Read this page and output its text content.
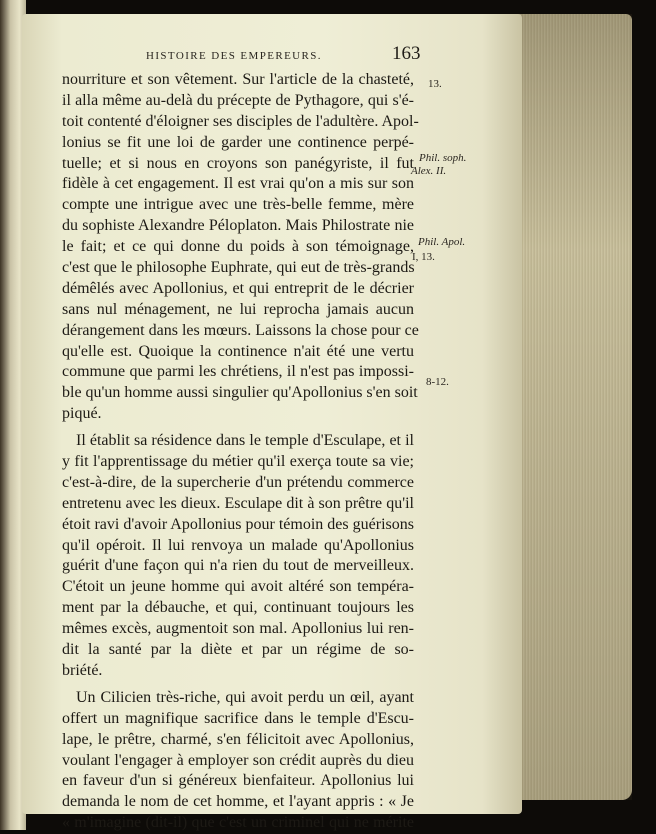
HISTOIRE DES EMPEREURS.	163
nourriture et son vêtement. Sur l'article de la chasteté,
il alla même au-delà du précepte de Pythagore, qui s'é-
toit contenté d'éloigner ses disciples de l'adultère. Apol-
lonius se fit une loi de garder une continence perpé-
tuelle; et si nous en croyons son panégyriste, il fut
fidèle à cet engagement. Il est vrai qu'on a mis sur son
compte une intrigue avec une très-belle femme, mère
du sophiste Alexandre Péloplaton. Mais Philostrate nie
le fait; et ce qui donne du poids à son témoignage,
c'est que le philosophe Euphrate, qui eut de très-grands
démêlés avec Apollonius, et qui entreprit de le décrier
sans nul ménagement, ne lui reprocha jamais aucun
dérangement dans les mœurs. Laissons la chose pour ce
qu'elle est. Quoique la continence n'ait été une vertu
commune que parmi les chrétiens, il n'est pas impossi-
ble qu'un homme aussi singulier qu'Apollonius s'en soit
piqué.
Il établit sa résidence dans le temple d'Esculape, et il
y fit l'apprentissage du métier qu'il exerça toute sa vie;
c'est-à-dire, de la supercherie d'un prétendu commerce
entretenu avec les dieux. Esculape dit à son prêtre qu'il
étoit ravi d'avoir Apollonius pour témoin des guérisons
qu'il opéroit. Il lui renvoya un malade qu'Apollonius
guérit d'une façon qui n'a rien du tout de merveilleux.
C'étoit un jeune homme qui avoit altéré son tempéra-
ment par la débauche, et qui, continuant toujours les
mêmes excès, augmentoit son mal. Apollonius lui ren-
dit la santé par la diète et par un régime de so-
briété.
Un Cilicien très-riche, qui avoit perdu un œil, ayant
offert un magnifique sacrifice dans le temple d'Escu-
lape, le prêtre, charmé, s'en félicitoit avec Apollonius,
voulant l'engager à employer son crédit auprès du dieu
en faveur d'un si généreux bienfaiteur. Apollonius lui
demanda le nom de cet homme, et l'ayant appris : « Je
« m'imagine (dit-il) que c'est un criminel qui ne mérite
13.
Phil. soph.
Alex. II.
Phil. Apol.
I, 13.
8-12.
